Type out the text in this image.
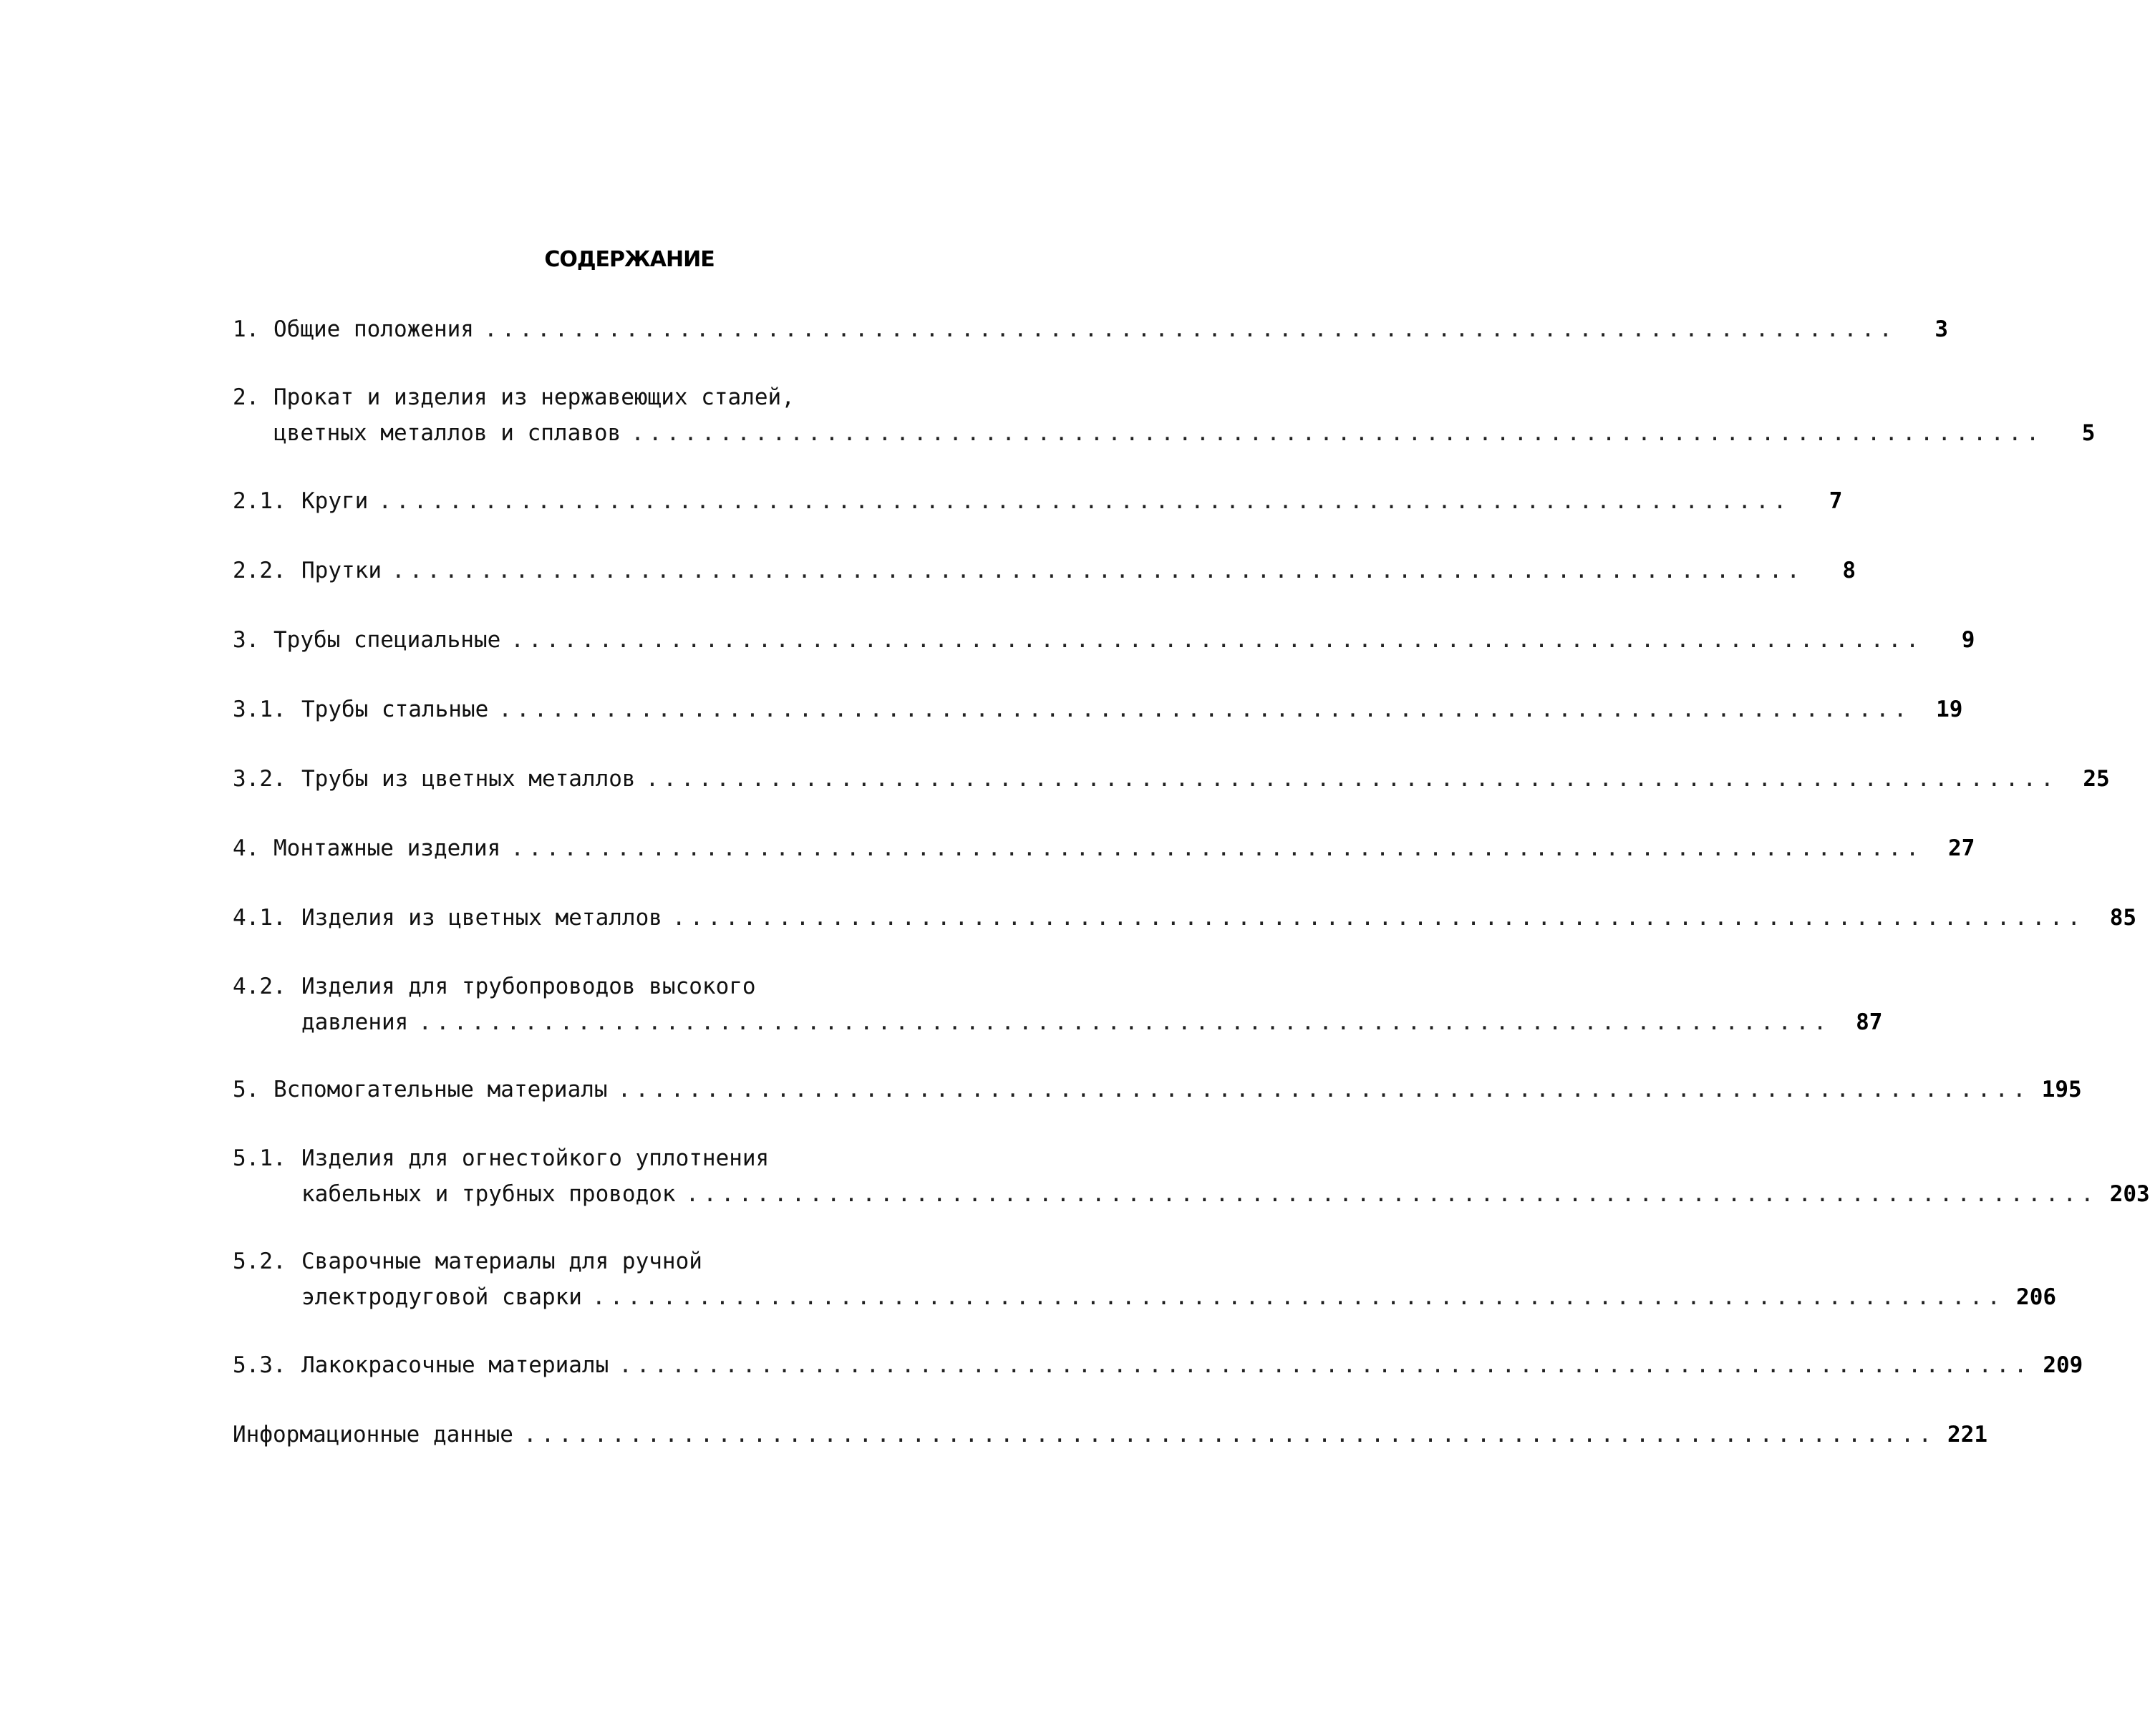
СОДЕРЖАНИЕ
1. Общие положения ................................................................................	3
2. Прокат и изделия из нержавеющих сталей,
цветных металлов и сплавов ................................................................................	5
2.1. Круги ................................................................................	7
2.2. Прутки ................................................................................	8
3. Трубы специальные ................................................................................	9
3.1. Трубы стальные ................................................................................	19
3.2. Трубы из цветных металлов ................................................................................	25
4. Монтажные изделия ................................................................................	27
4.1. Изделия из цветных металлов ................................................................................	85
4.2. Изделия для трубопроводов высокого
давления ................................................................................	87
5. Вспомогательные материалы ................................................................................ 195
5.1. Изделия для огнестойкого уплотнения
кабельных и трубных проводок ................................................................................ 203
5.2. Сварочные материалы для ручной
электродуговой сварки ................................................................................ 206
5.3. Лакокрасочные материалы ................................................................................ 209
Информационные данные ................................................................................ 221
